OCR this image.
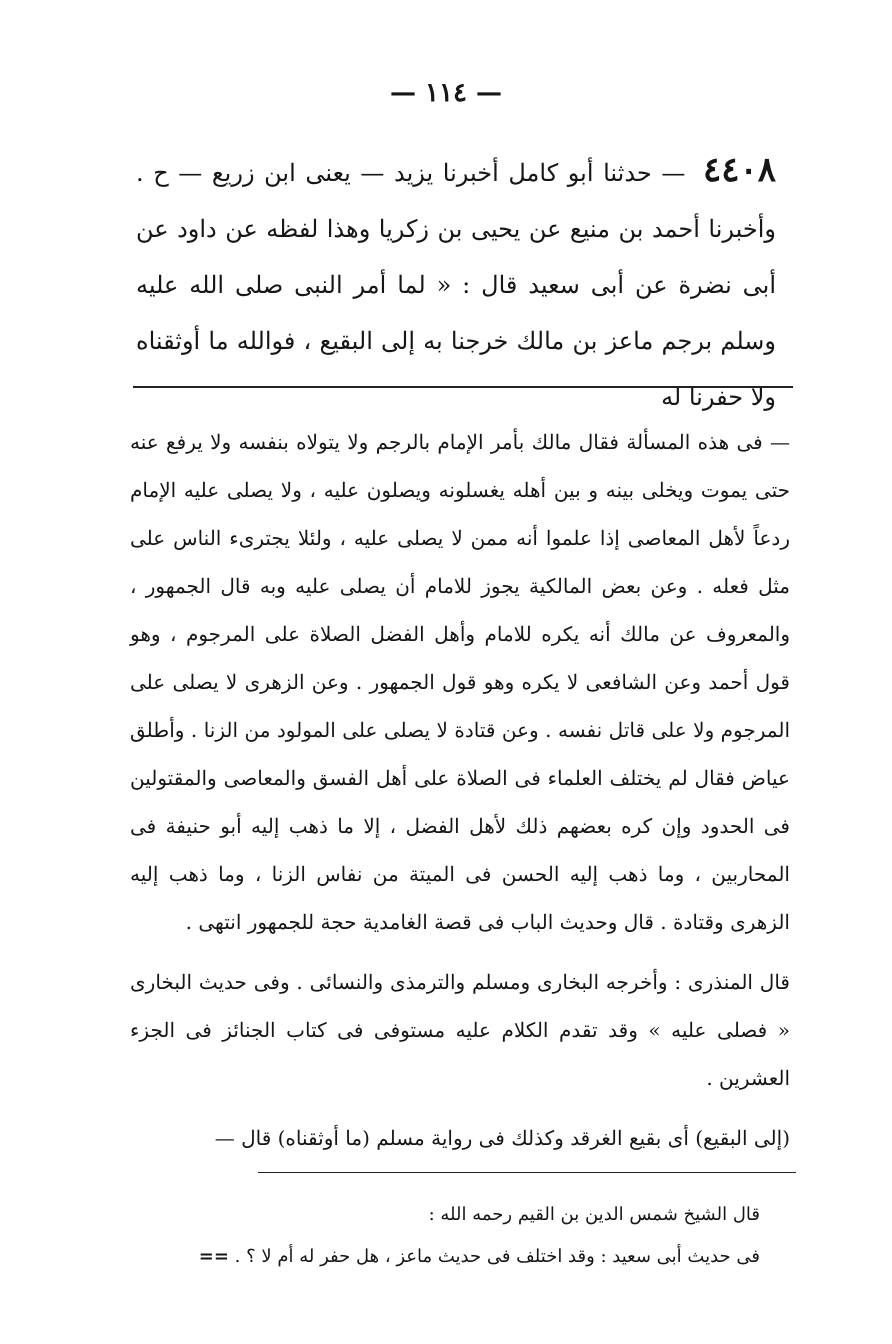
— ١١٤ —
٤٤٠٨ — حدثنا أبو كامل أخبرنا يزيد — يعنى ابن زريع — ح . وأخبرنا أحمد بن منيع عن يحيى بن زكريا وهذا لفظه عن داود عن أبى نضرة عن أبى سعيد قال : « لما أمر النبى صلى الله عليه وسلم برجم ماعز بن مالك خرجنا به إلى البقيع ، فوالله ما أوثقناه ولا حفرنا له

— فى هذه المسألة فقال مالك بأمر الإمام بالرجم ولا يتولاه بنفسه ولا يرفع عنه حتى يموت ويخلى بينه و بين أهله يغسلونه ويصلون عليه ، ولا يصلى عليه الإمام ردعاً لأهل المعاصى إذا علموا أنه ممن لا يصلى عليه ، ولئلا يجترىء الناس على مثل فعله . وعن بعض المالكية يجوز للامام أن يصلى عليه وبه قال الجمهور ، والمعروف عن مالك أنه يكره للامام وأهل الفضل الصلاة على المرجوم ، وهو قول أحمد وعن الشافعى لا يكره وهو قول الجمهور . وعن الزهرى لا يصلى على المرجوم ولا على قاتل نفسه . وعن قتادة لا يصلى على المولود من الزنا . وأطلق عياض فقال لم يختلف العلماء فى الصلاة على أهل الفسق والمعاصى والمقتولين فى الحدود وإن كره بعضهم ذلك لأهل الفضل ، إلا ما ذهب إليه أبو حنيفة فى المحاربين ، وما ذهب إليه الحسن فى الميتة من نفاس الزنا ، وما ذهب إليه الزهرى وقتادة . قال وحديث الباب فى قصة الغامدية حجة للجمهور انتهى .

قال المنذرى : وأخرجه البخارى ومسلم والترمذى والنسائى . وفى حديث البخارى « فصلى عليه » وقد تقدم الكلام عليه مستوفى فى كتاب الجنائز فى الجزء العشرين .

(إلى البقيع) أى بقيع الغرقد وكذلك فى رواية مسلم (ما أوثقناه) قال —

قال الشيخ شمس الدين بن القيم رحمه الله :

فى حديث أبى سعيد : وقد اختلف فى حديث ماعز ، هل حفر له أم لا ؟ . ==
